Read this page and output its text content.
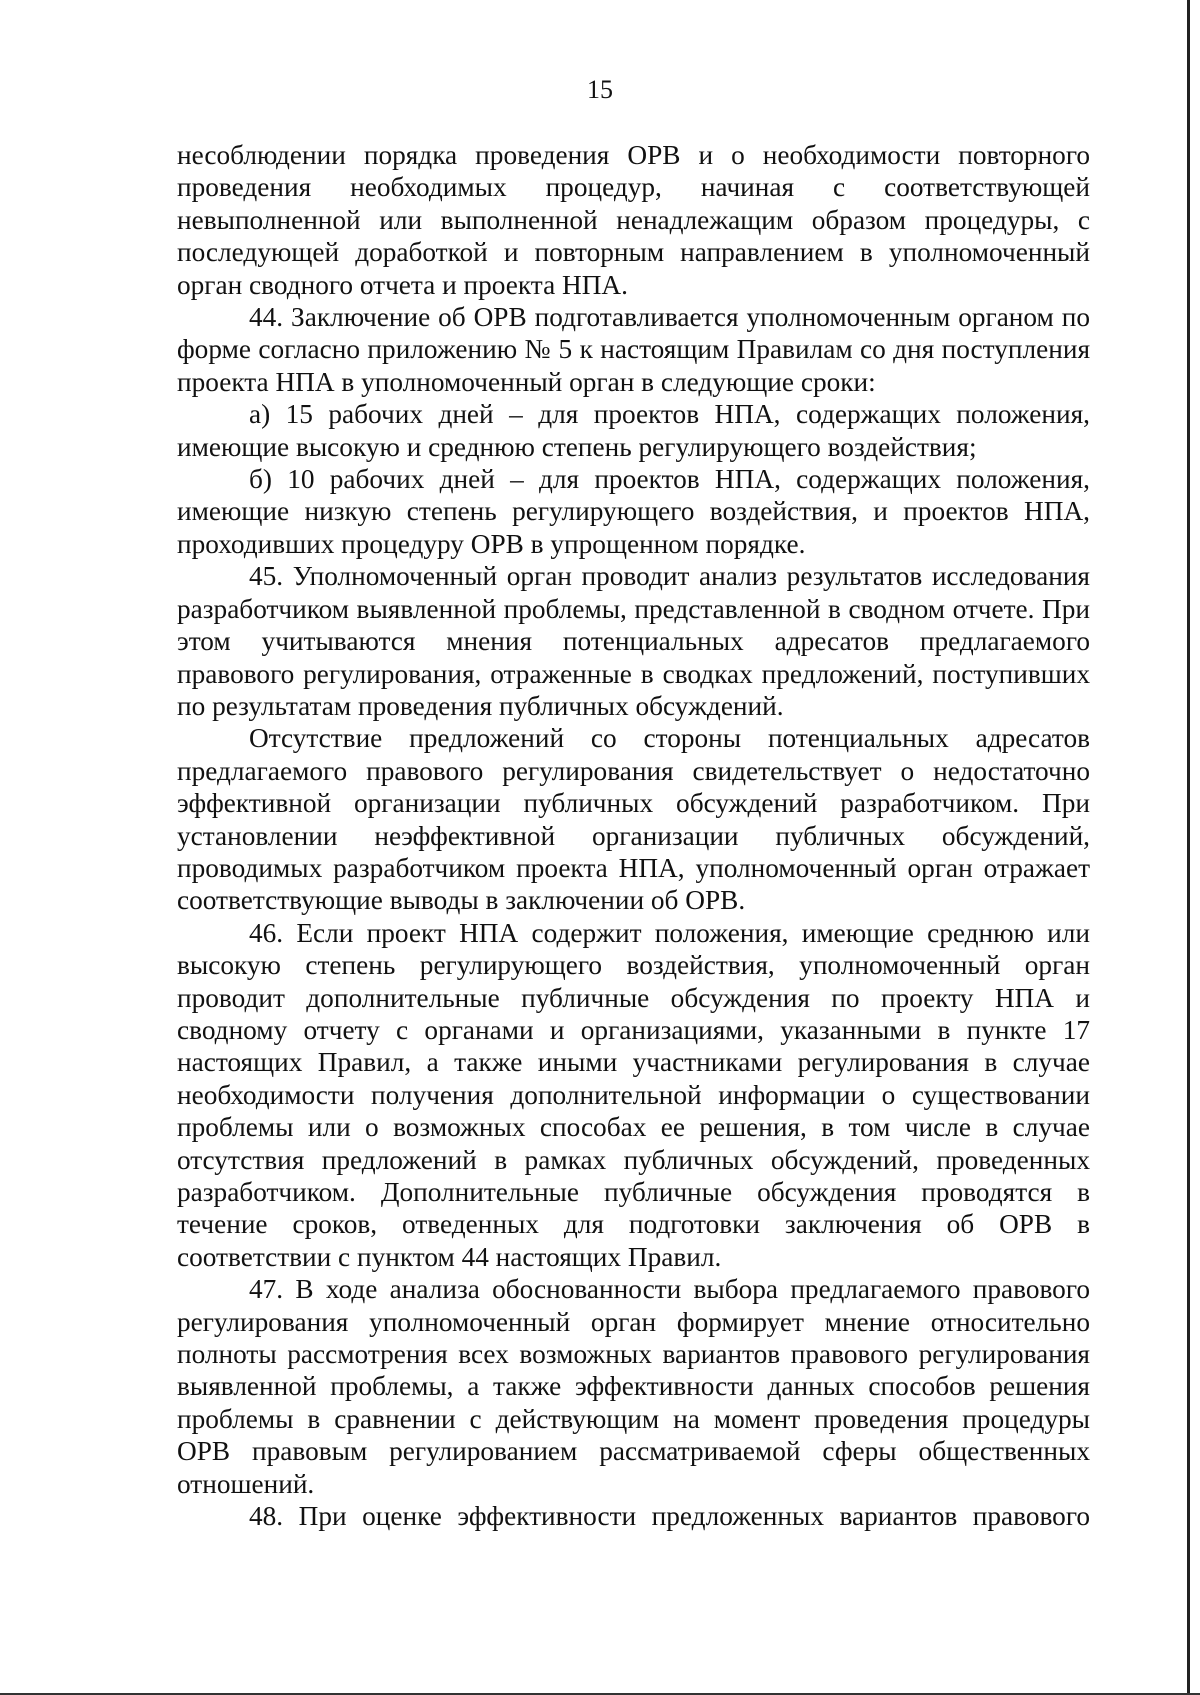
15

несоблюдении порядка проведения ОРВ и о необходимости повторного проведения необходимых процедур, начиная с соответствующей невыполненной или выполненной ненадлежащим образом процедуры, с последующей доработкой и повторным направлением в уполномоченный орган сводного отчета и проекта НПА.

44. Заключение об ОРВ подготавливается уполномоченным органом по форме согласно приложению № 5 к настоящим Правилам со дня поступления проекта НПА в уполномоченный орган в следующие сроки:

а) 15 рабочих дней – для проектов НПА, содержащих положения, имеющие высокую и среднюю степень регулирующего воздействия;

б) 10 рабочих дней – для проектов НПА, содержащих положения, имеющие низкую степень регулирующего воздействия, и проектов НПА, проходивших процедуру ОРВ в упрощенном порядке.

45. Уполномоченный орган проводит анализ результатов исследования разработчиком выявленной проблемы, представленной в сводном отчете. При этом учитываются мнения потенциальных адресатов предлагаемого правового регулирования, отраженные в сводках предложений, поступивших по результатам проведения публичных обсуждений.

Отсутствие предложений со стороны потенциальных адресатов предлагаемого правового регулирования свидетельствует о недостаточно эффективной организации публичных обсуждений разработчиком. При установлении неэффективной организации публичных обсуждений, проводимых разработчиком проекта НПА, уполномоченный орган отражает соответствующие выводы в заключении об ОРВ.

46. Если проект НПА содержит положения, имеющие среднюю или высокую степень регулирующего воздействия, уполномоченный орган проводит дополнительные публичные обсуждения по проекту НПА и сводному отчету с органами и организациями, указанными в пункте 17 настоящих Правил, а также иными участниками регулирования в случае необходимости получения дополнительной информации о существовании проблемы или о возможных способах ее решения, в том числе в случае отсутствия предложений в рамках публичных обсуждений, проведенных разработчиком. Дополнительные публичные обсуждения проводятся в течение сроков, отведенных для подготовки заключения об ОРВ в соответствии с пунктом 44 настоящих Правил.

47. В ходе анализа обоснованности выбора предлагаемого правового регулирования уполномоченный орган формирует мнение относительно полноты рассмотрения всех возможных вариантов правового регулирования выявленной проблемы, а также эффективности данных способов решения проблемы в сравнении с действующим на момент проведения процедуры ОРВ правовым регулированием рассматриваемой сферы общественных отношений.

48. При оценке эффективности предложенных вариантов правового
